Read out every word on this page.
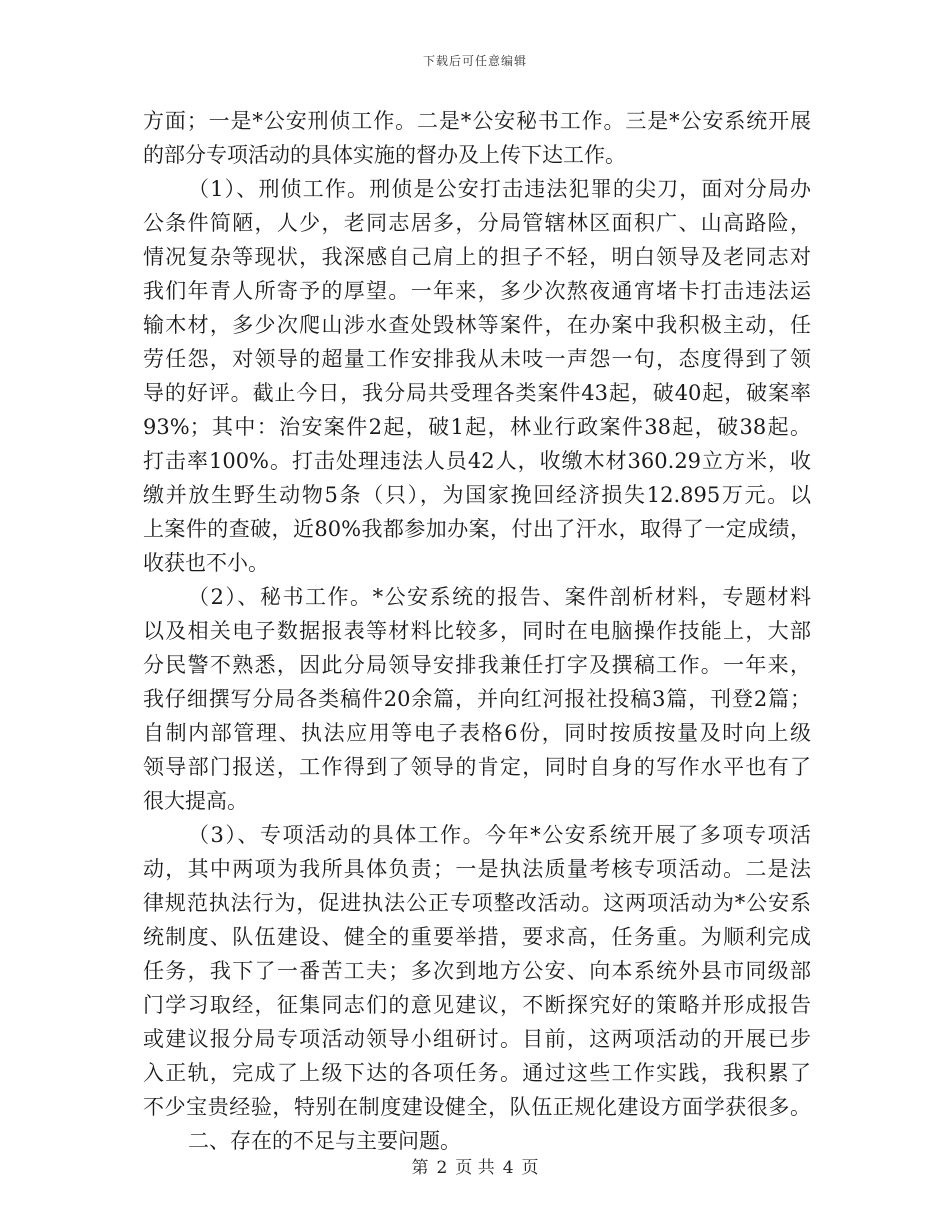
下载后可任意编辑
方面；一是*公安刑侦工作。二是*公安秘书工作。三是*公安系统开展
的部分专项活动的具体实施的督办及上传下达工作。
（1）、刑侦工作。刑侦是公安打击违法犯罪的尖刀，面对分局办
公条件简陋，人少，老同志居多，分局管辖林区面积广、山高路险，
情况复杂等现状，我深感自己肩上的担子不轻，明白领导及老同志对
我们年青人所寄予的厚望。一年来，多少次熬夜通宵堵卡打击违法运
输木材，多少次爬山涉水查处毁林等案件，在办案中我积极主动，任
劳任怨，对领导的超量工作安排我从未吱一声怨一句，态度得到了领
导的好评。截止今日，我分局共受理各类案件43起，破40起，破案率
93%；其中：治安案件2起，破1起，林业行政案件38起，破38起。
打击率100%。打击处理违法人员42人，收缴木材360.29立方米，收
缴并放生野生动物5条（只），为国家挽回经济损失12.895万元。以
上案件的查破，近80%我都参加办案，付出了汗水，取得了一定成绩，
收获也不小。
（2）、秘书工作。*公安系统的报告、案件剖析材料，专题材料
以及相关电子数据报表等材料比较多，同时在电脑操作技能上，大部
分民警不熟悉，因此分局领导安排我兼任打字及撰稿工作。一年来，
我仔细撰写分局各类稿件20余篇，并向红河报社投稿3篇，刊登2篇；
自制内部管理、执法应用等电子表格6份，同时按质按量及时向上级
领导部门报送，工作得到了领导的肯定，同时自身的写作水平也有了
很大提高。
（3）、专项活动的具体工作。今年*公安系统开展了多项专项活
动，其中两项为我所具体负责；一是执法质量考核专项活动。二是法
律规范执法行为，促进执法公正专项整改活动。这两项活动为*公安系
统制度、队伍建设、健全的重要举措，要求高，任务重。为顺利完成
任务，我下了一番苦工夫；多次到地方公安、向本系统外县市同级部
门学习取经，征集同志们的意见建议，不断探究好的策略并形成报告
或建议报分局专项活动领导小组研讨。目前，这两项活动的开展已步
入正轨，完成了上级下达的各项任务。通过这些工作实践，我积累了
不少宝贵经验，特别在制度建设健全，队伍正规化建设方面学获很多。
二、存在的不足与主要问题。
第 2 页 共 4 页
